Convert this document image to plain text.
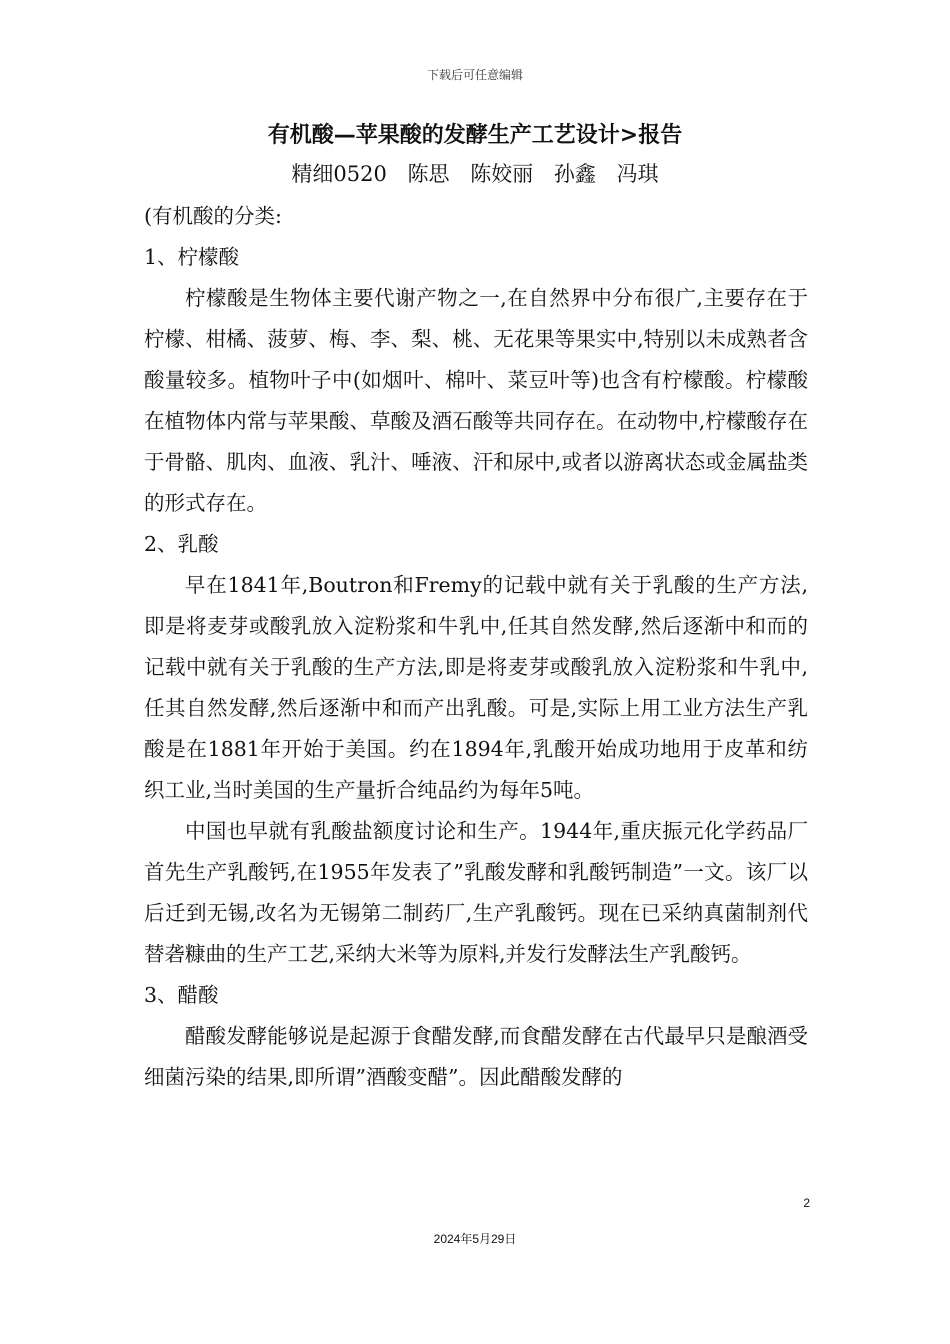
下载后可任意编辑
有机酸—苹果酸的发酵生产工艺设计>报告
精细0520 陈思 陈姣丽 孙鑫 冯琪

(有机酸的分类:

1、柠檬酸

柠檬酸是生物体主要代谢产物之一,在自然界中分布很广,主要存在于柠檬、柑橘、菠萝、梅、李、梨、桃、无花果等果实中,特别以未成熟者含酸量较多。植物叶子中(如烟叶、棉叶、菜豆叶等)也含有柠檬酸。柠檬酸在植物体内常与苹果酸、草酸及酒石酸等共同存在。在动物中,柠檬酸存在于骨骼、肌肉、血液、乳汁、唾液、汗和尿中,或者以游离状态或金属盐类的形式存在。

2、乳酸

早在1841年,Boutron和Fremy的记载中就有关于乳酸的生产方法,即是将麦芽或酸乳放入淀粉浆和牛乳中,任其自然发酵,然后逐渐中和而的记载中就有关于乳酸的生产方法,即是将麦芽或酸乳放入淀粉浆和牛乳中,任其自然发酵,然后逐渐中和而产出乳酸。可是,实际上用工业方法生产乳酸是在1881年开始于美国。约在1894年,乳酸开始成功地用于皮革和纺织工业,当时美国的生产量折合纯品约为每年5吨。

中国也早就有乳酸盐额度讨论和生产。1944年,重庆振元化学药品厂首先生产乳酸钙,在1955年发表了”乳酸发酵和乳酸钙制造”一文。该厂以后迁到无锡,改名为无锡第二制药厂,生产乳酸钙。现在已采纳真菌制剂代替砻糠曲的生产工艺,采纳大米等为原料,并发行发酵法生产乳酸钙。

3、醋酸

醋酸发酵能够说是起源于食醋发酵,而食醋发酵在古代最早只是酿酒受细菌污染的结果,即所谓”酒酸变醋”。因此醋酸发酵的

2
2024年5月29日
